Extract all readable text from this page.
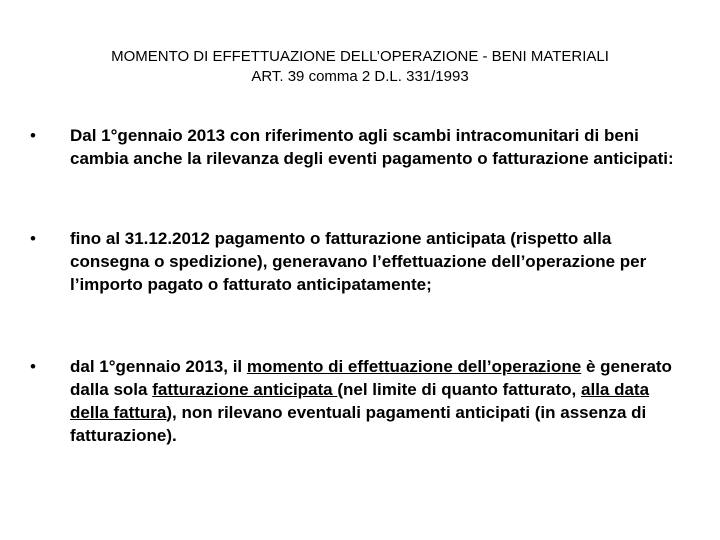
MOMENTO DI EFFETTUAZIONE DELL’OPERAZIONE - BENI MATERIALI
ART. 39 comma 2 D.L. 331/1993
• Dal 1°gennaio 2013 con riferimento agli scambi intracomunitari di beni cambia anche la rilevanza degli eventi pagamento o fatturazione anticipati:
• fino al 31.12.2012 pagamento o fatturazione anticipata (rispetto alla consegna o spedizione), generavano l’effettuazione dell’operazione per l’importo pagato o fatturato anticipatamente;
• dal 1°gennaio 2013, il momento di effettuazione dell’operazione è generato dalla sola fatturazione anticipata (nel limite di quanto fatturato, alla data della fattura), non rilevano eventuali pagamenti anticipati (in assenza di fatturazione).
